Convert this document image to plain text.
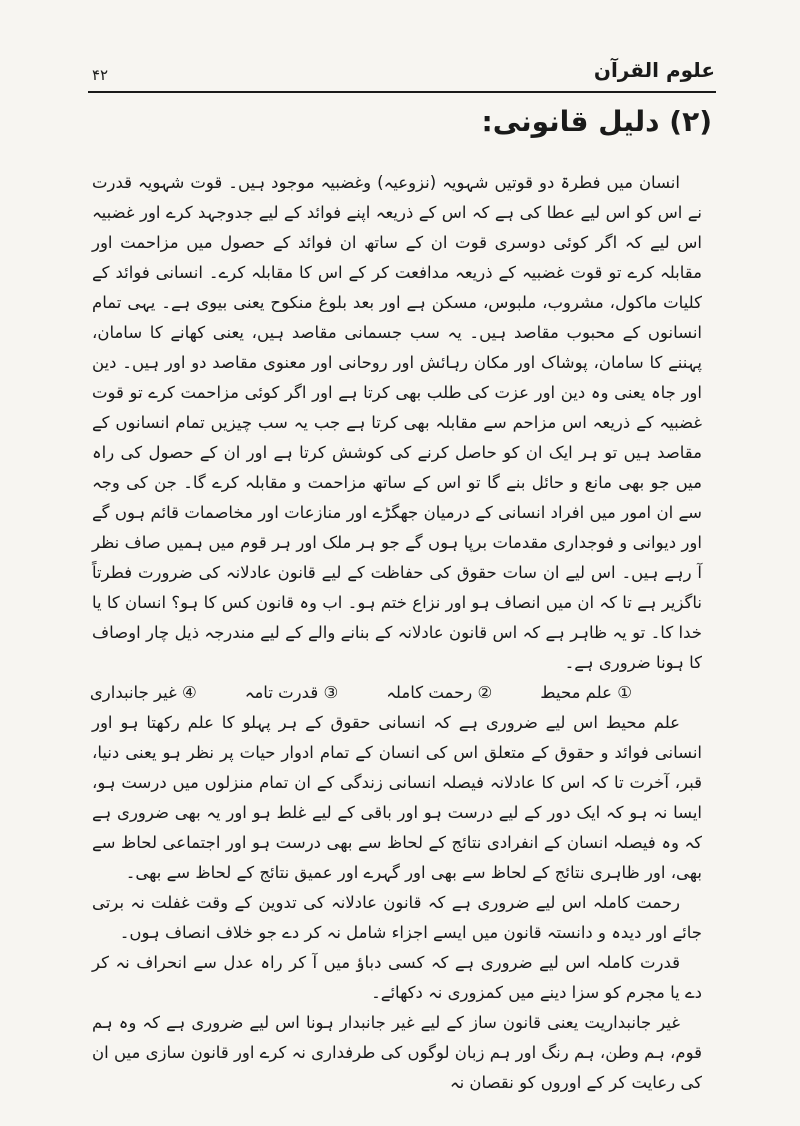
علوم القرآن
۴۲
(۲) دلیل قانونی:

انسان میں فطرۃ دو قوتیں شہویہ (نزوعیہ) وغضبیہ موجود ہیں۔ قوت شہویہ قدرت نے اس کو اس لیے عطا کی ہے کہ اس کے ذریعہ اپنے فوائد کے لیے جدوجہد کرے اور غضبیہ اس لیے کہ اگر کوئی دوسری قوت ان کے ساتھ ان فوائد کے حصول میں مزاحمت اور مقابلہ کرے تو قوت غضبیہ کے ذریعہ مدافعت کر کے اس کا مقابلہ کرے۔ انسانی فوائد کے کلیات ماکول، مشروب، ملبوس، مسکن ہے اور بعد بلوغ منکوح یعنی بیوی ہے۔ یہی تمام انسانوں کے محبوب مقاصد ہیں۔ یہ سب جسمانی مقاصد ہیں، یعنی کھانے کا سامان، پہننے کا سامان، پوشاک اور مکان رہائش اور روحانی اور معنوی مقاصد دو اور ہیں۔ دین اور جاہ یعنی وہ دین اور عزت کی طلب بھی کرتا ہے اور اگر کوئی مزاحمت کرے تو قوت غضبیہ کے ذریعہ اس مزاحم سے مقابلہ بھی کرتا ہے جب یہ سب چیزیں تمام انسانوں کے مقاصد ہیں تو ہر ایک ان کو حاصل کرنے کی کوشش کرتا ہے اور ان کے حصول کی راہ میں جو بھی مانع و حائل بنے گا تو اس کے ساتھ مزاحمت و مقابلہ کرے گا۔ جن کی وجہ سے ان امور میں افراد انسانی کے درمیان جھگڑے اور منازعات اور مخاصمات قائم ہوں گے اور دیوانی و فوجداری مقدمات برپا ہوں گے جو ہر ملک اور ہر قوم میں ہمیں صاف نظر آ رہے ہیں۔ اس لیے ان سات حقوق کی حفاظت کے لیے قانون عادلانہ کی ضرورت فطرتاً ناگزیر ہے تا کہ ان میں انصاف ہو اور نزاع ختم ہو۔ اب وہ قانون کس کا ہو؟ انسان کا یا خدا کا۔ تو یہ ظاہر ہے کہ اس قانون عادلانہ کے بنانے والے کے لیے مندرجہ ذیل چار اوصاف کا ہونا ضروری ہے۔

① علم محیط
② رحمت کاملہ
③ قدرت تامہ
④ غیر جانبداری

علم محیط اس لیے ضروری ہے کہ انسانی حقوق کے ہر پہلو کا علم رکھتا ہو اور انسانی فوائد و حقوق کے متعلق اس کی انسان کے تمام ادوار حیات پر نظر ہو یعنی دنیا، قبر، آخرت تا کہ اس کا عادلانہ فیصلہ انسانی زندگی کے ان تمام منزلوں میں درست ہو، ایسا نہ ہو کہ ایک دور کے لیے درست ہو اور باقی کے لیے غلط ہو اور یہ بھی ضروری ہے کہ وہ فیصلہ انسان کے انفرادی نتائج کے لحاظ سے بھی درست ہو اور اجتماعی لحاظ سے بھی، اور ظاہری نتائج کے لحاظ سے بھی اور گہرے اور عمیق نتائج کے لحاظ سے بھی۔

رحمت کاملہ اس لیے ضروری ہے کہ قانون عادلانہ کی تدوین کے وقت غفلت نہ برتی جائے اور دیدہ و دانستہ قانون میں ایسے اجزاء شامل نہ کر دے جو خلاف انصاف ہوں۔

قدرت کاملہ اس لیے ضروری ہے کہ کسی دباؤ میں آ کر راہ عدل سے انحراف نہ کر دے یا مجرم کو سزا دینے میں کمزوری نہ دکھائے۔

غیر جانبداریت یعنی قانون ساز کے لیے غیر جانبدار ہونا اس لیے ضروری ہے کہ وہ ہم قوم، ہم وطن، ہم رنگ اور ہم زبان لوگوں کی طرفداری نہ کرے اور قانون سازی میں ان کی رعایت کر کے اوروں کو نقصان نہ
